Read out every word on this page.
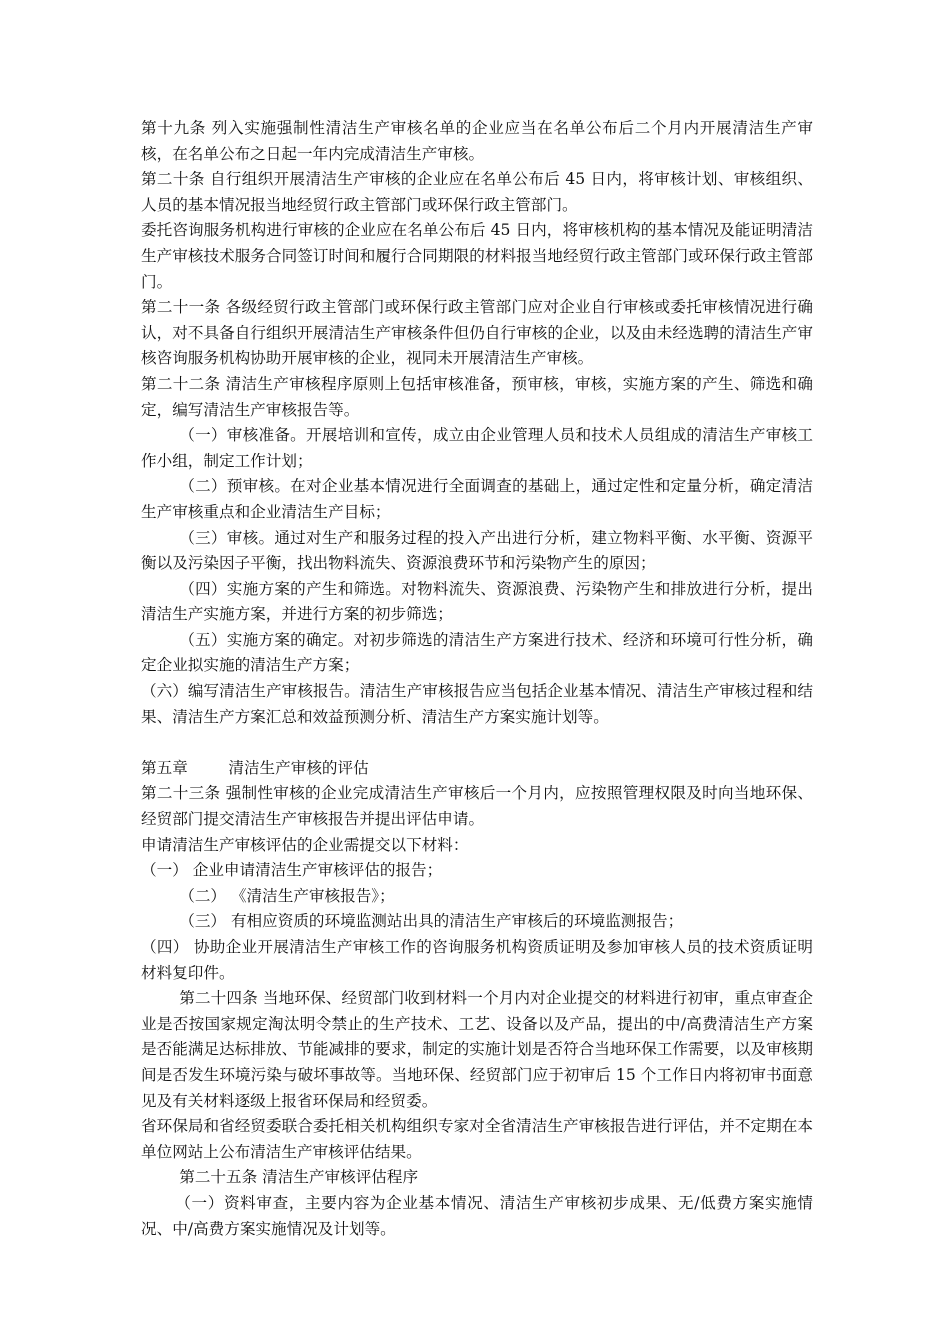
第十九条 列入实施强制性清洁生产审核名单的企业应当在名单公布后二个月内开展清洁生产审核，在名单公布之日起一年内完成清洁生产审核。

第二十条 自行组织开展清洁生产审核的企业应在名单公布后 45 日内，将审核计划、审核组织、人员的基本情况报当地经贸行政主管部门或环保行政主管部门。

委托咨询服务机构进行审核的企业应在名单公布后 45 日内，将审核机构的基本情况及能证明清洁生产审核技术服务合同签订时间和履行合同期限的材料报当地经贸行政主管部门或环保行政主管部门。

第二十一条 各级经贸行政主管部门或环保行政主管部门应对企业自行审核或委托审核情况进行确认，对不具备自行组织开展清洁生产审核条件但仍自行审核的企业，以及由未经选聘的清洁生产审核咨询服务机构协助开展审核的企业，视同未开展清洁生产审核。

第二十二条 清洁生产审核程序原则上包括审核准备，预审核，审核，实施方案的产生、筛选和确定，编写清洁生产审核报告等。

（一）审核准备。开展培训和宣传，成立由企业管理人员和技术人员组成的清洁生产审核工作小组，制定工作计划；

（二）预审核。在对企业基本情况进行全面调查的基础上，通过定性和定量分析，确定清洁生产审核重点和企业清洁生产目标；

（三）审核。通过对生产和服务过程的投入产出进行分析，建立物料平衡、水平衡、资源平衡以及污染因子平衡，找出物料流失、资源浪费环节和污染物产生的原因；

（四）实施方案的产生和筛选。对物料流失、资源浪费、污染物产生和排放进行分析，提出清洁生产实施方案，并进行方案的初步筛选；

（五）实施方案的确定。对初步筛选的清洁生产方案进行技术、经济和环境可行性分析，确定企业拟实施的清洁生产方案；

（六）编写清洁生产审核报告。清洁生产审核报告应当包括企业基本情况、清洁生产审核过程和结果、清洁生产方案汇总和效益预测分析、清洁生产方案实施计划等。

第五章	清洁生产审核的评估

第二十三条 强制性审核的企业完成清洁生产审核后一个月内，应按照管理权限及时向当地环保、经贸部门提交清洁生产审核报告并提出评估申请。

申请清洁生产审核评估的企业需提交以下材料：

（一） 企业申请清洁生产审核评估的报告；

（二） 《清洁生产审核报告》；

（三） 有相应资质的环境监测站出具的清洁生产审核后的环境监测报告；

（四） 协助企业开展清洁生产审核工作的咨询服务机构资质证明及参加审核人员的技术资质证明材料复印件。

第二十四条 当地环保、经贸部门收到材料一个月内对企业提交的材料进行初审，重点审查企业是否按国家规定淘汰明令禁止的生产技术、工艺、设备以及产品，提出的中/高费清洁生产方案是否能满足达标排放、节能减排的要求，制定的实施计划是否符合当地环保工作需要，以及审核期间是否发生环境污染与破坏事故等。当地环保、经贸部门应于初审后 15 个工作日内将初审书面意见及有关材料逐级上报省环保局和经贸委。

省环保局和省经贸委联合委托相关机构组织专家对全省清洁生产审核报告进行评估，并不定期在本单位网站上公布清洁生产审核评估结果。

第二十五条 清洁生产审核评估程序

（一）资料审查，主要内容为企业基本情况、清洁生产审核初步成果、无/低费方案实施情况、中/高费方案实施情况及计划等。
